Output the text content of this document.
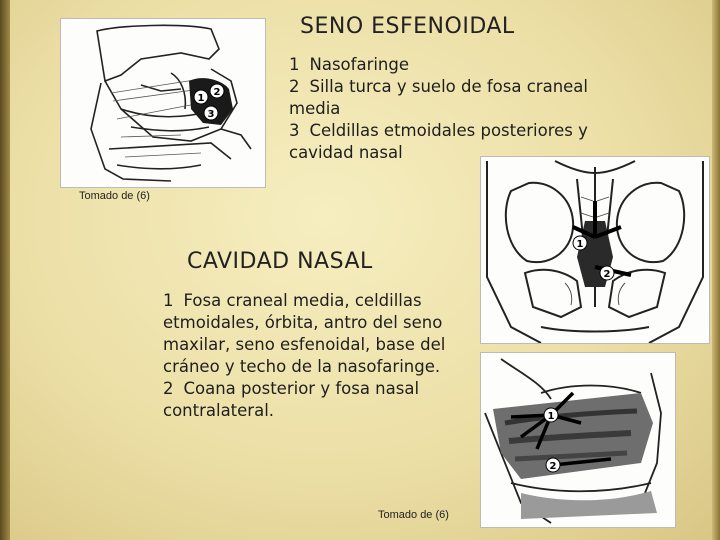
SENO ESFENOIDAL
1 Nasofaringe
2 Silla turca y suelo de fosa craneal media
3 Celdillas etmoidales posteriores y cavidad nasal
1
2
3
Tomado de (6)
1
2
CAVIDAD NASAL
1 Fosa craneal media, celdillas etmoidales, órbita, antro del seno maxilar, seno esfenoidal, base del cráneo y techo de la nasofaringe.
2 Coana posterior y fosa nasal contralateral.	1
2
Tomado de (6)
